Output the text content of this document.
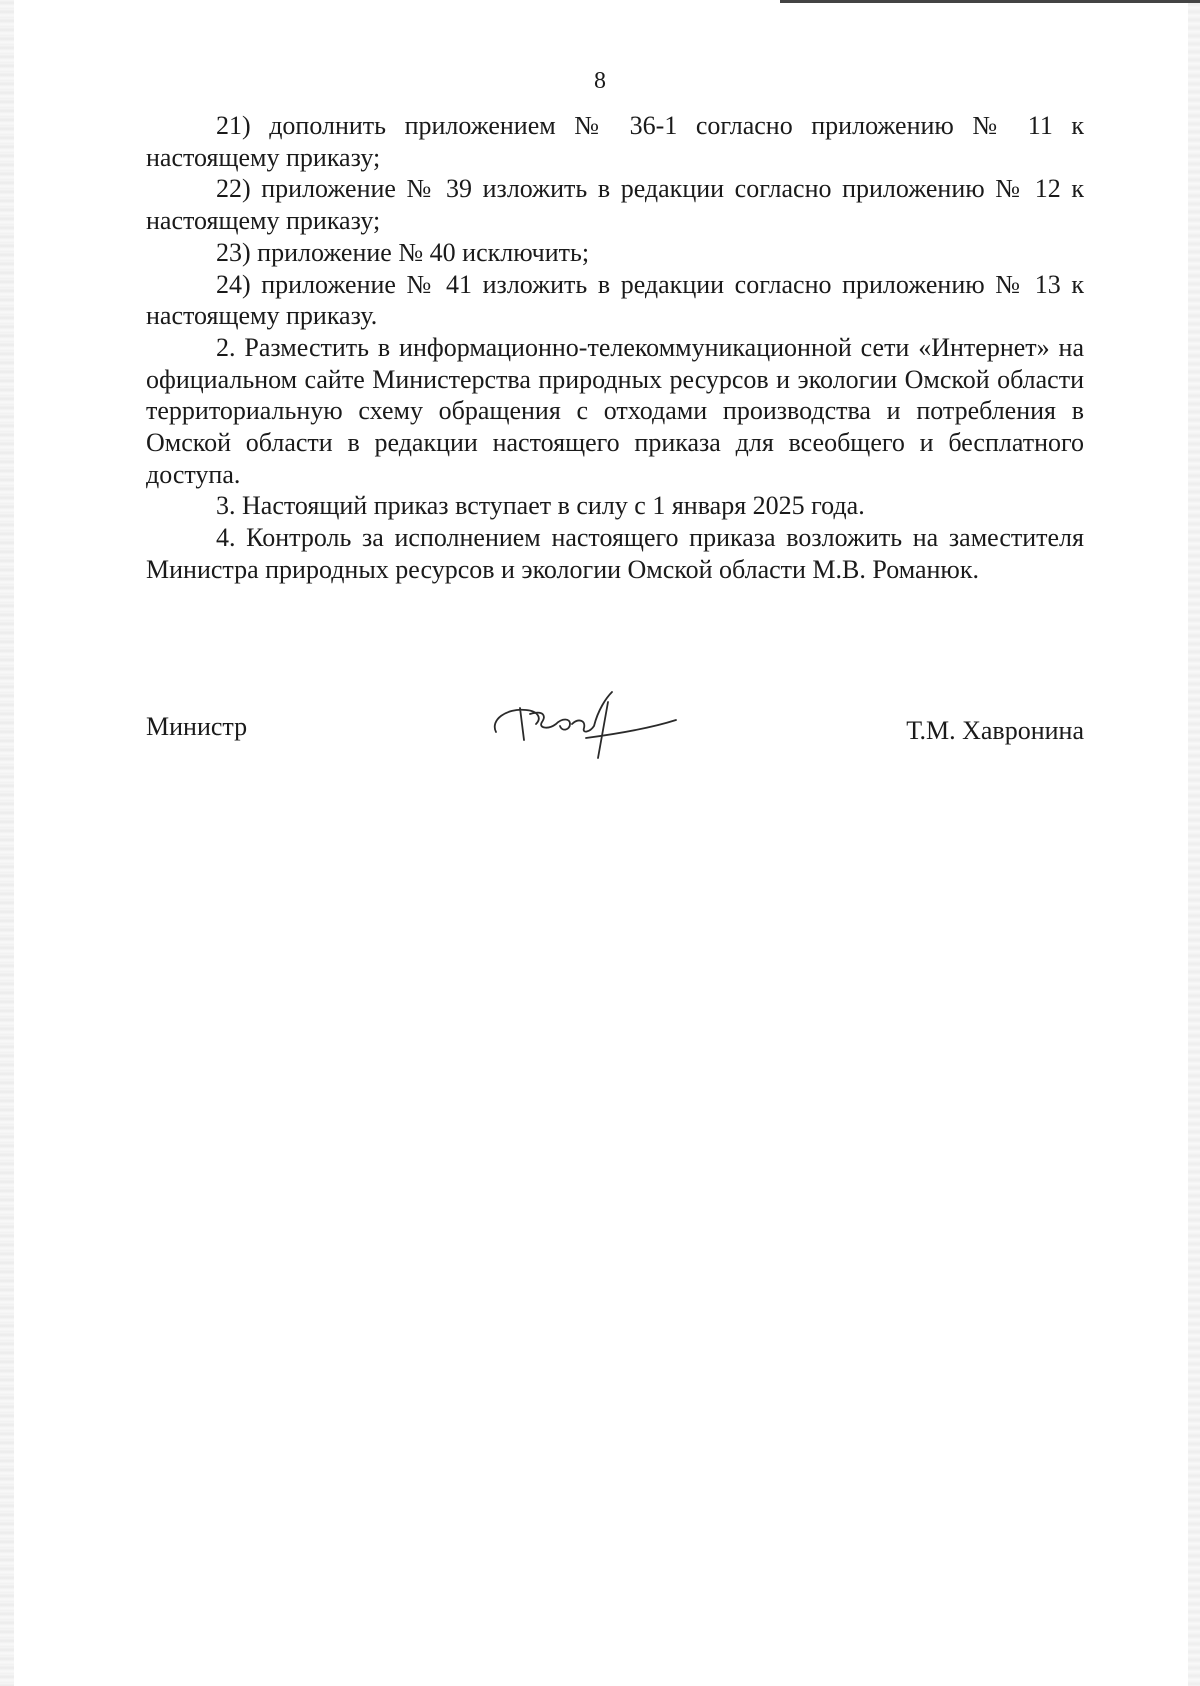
8

21) дополнить приложением № 36-1 согласно приложению № 11 к настоящему приказу;

22) приложение № 39 изложить в редакции согласно приложению № 12 к настоящему приказу;

23) приложение № 40 исключить;

24) приложение № 41 изложить в редакции согласно приложению № 13 к настоящему приказу.

2. Разместить в информационно-телекоммуникационной сети «Интернет» на официальном сайте Министерства природных ресурсов и экологии Омской области территориальную схему обращения с отходами производства и потребления в Омской области в редакции настоящего приказа для всеобщего и бесплатного доступа.

3. Настоящий приказ вступает в силу с 1 января 2025 года.

4. Контроль за исполнением настоящего приказа возложить на заместителя Министра природных ресурсов и экологии Омской области М.В. Романюк.

Министр	Т.М. Хавронина
